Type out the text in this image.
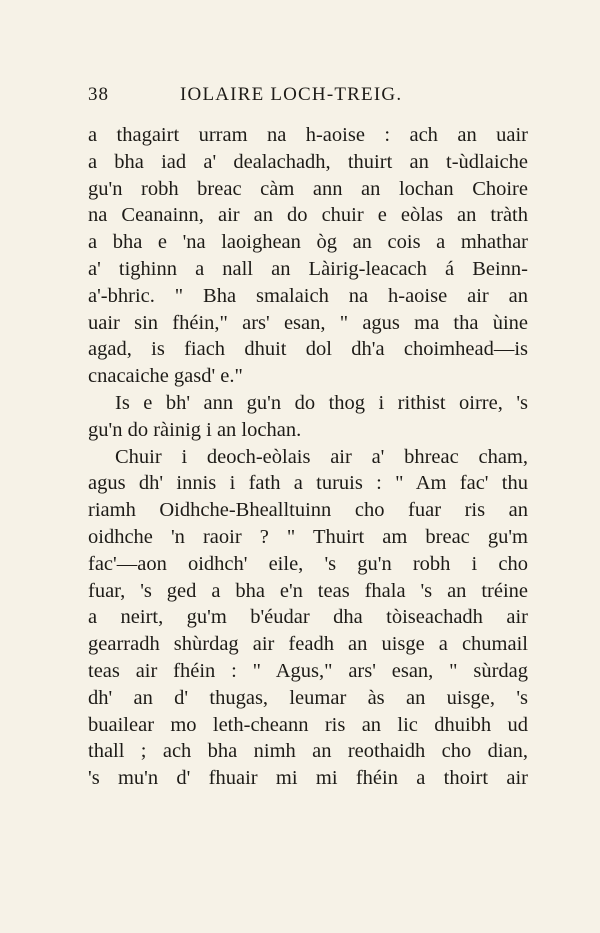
38	IOLAIRE LOCH-TREIG.
a thagairt urram na h-aoise : ach an uair
a bha iad a' dealachadh, thuirt an t-ùdlaiche
gu'n robh breac càm ann an lochan Choire
na Ceanainn, air an do chuir e eòlas an tràth
a bha e 'na laoighean òg an cois a mhathar
a' tighinn a nall an Làirig-leacach á Beinn-
a'-bhric. " Bha smalaich na h-aoise air an
uair sin fhéin," ars' esan, " agus ma tha ùine
agad, is fiach dhuit dol dh'a choimhead—is
cnacaiche gasd' e."
Is e bh' ann gu'n do thog i rithist oirre, 's
gu'n do ràinig i an lochan.
Chuir i deoch-eòlais air a' bhreac cham,
agus dh' innis i fath a turuis : " Am fac' thu
riamh Oidhche-Bhealltuinn cho fuar ris an
oidhche 'n raoir ? " Thuirt am breac gu'm
fac'—aon oidhch' eile, 's gu'n robh i cho
fuar, 's ged a bha e'n teas fhala 's an tréine
a neirt, gu'm b'éudar dha tòiseachadh air
gearradh shùrdag air feadh an uisge a chumail
teas air fhéin : " Agus," ars' esan, " sùrdag
dh' an d' thugas, leumar às an uisge, 's
buailear mo leth-cheann ris an lic dhuibh ud
thall ; ach bha nimh an reothaidh cho dian,
's mu'n d' fhuair mi mi fhéin a thoirt air
